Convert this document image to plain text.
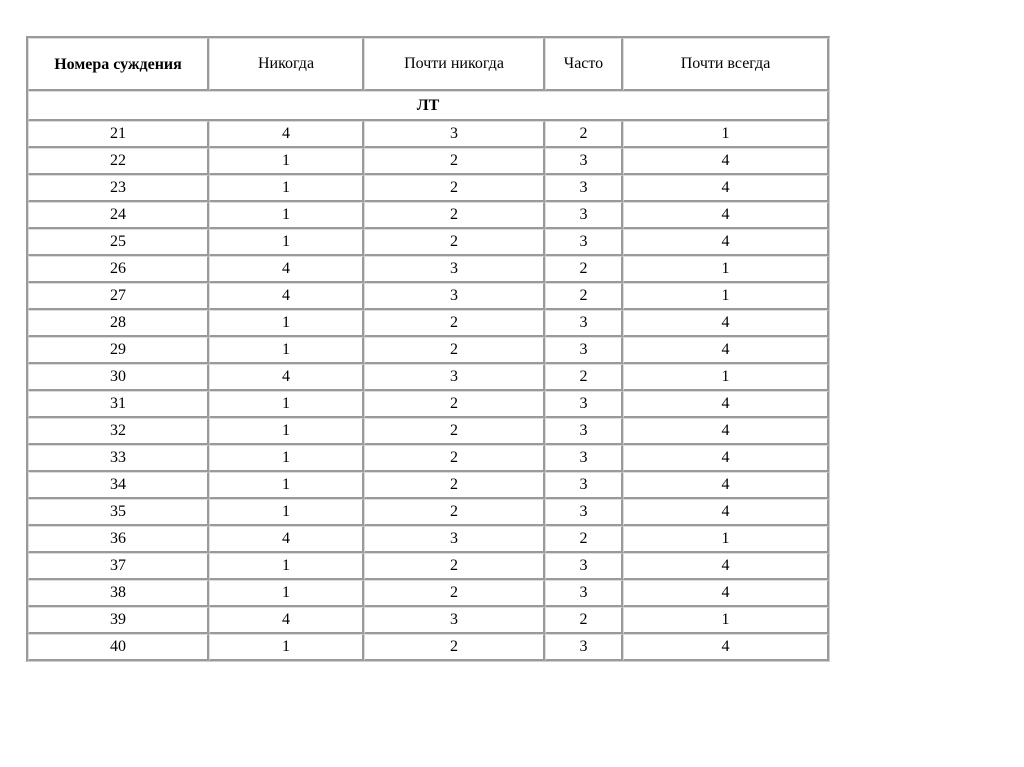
Номера суждения	Никогда	Почти никогда	Часто	Почти всегда
ЛТ				
21	4	3	2	1
22	1	2	3	4
23	1	2	3	4
24	1	2	3	4
25	1	2	3	4
26	4	3	2	1
27	4	3	2	1
28	1	2	3	4
29	1	2	3	4
30	4	3	2	1
31	1	2	3	4
32	1	2	3	4
33	1	2	3	4
34	1	2	3	4
35	1	2	3	4
36	4	3	2	1
37	1	2	3	4
38	1	2	3	4
39	4	3	2	1
40	1	2	3	4
